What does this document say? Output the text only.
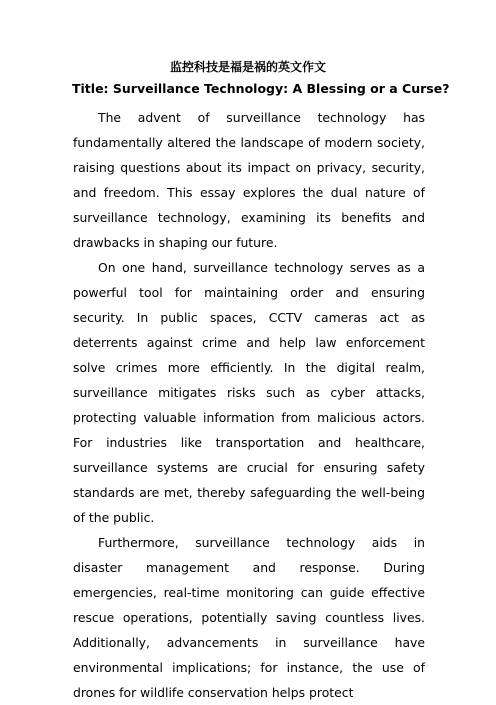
监控科技是福是祸的英文作文
Title: Surveillance Technology: A Blessing or a Curse?

The advent of surveillance technology has fundamentally altered the landscape of modern society, raising questions about its impact on privacy, security, and freedom. This essay explores the dual nature of surveillance technology, examining its benefits and drawbacks in shaping our future.

On one hand, surveillance technology serves as a powerful tool for maintaining order and ensuring security. In public spaces, CCTV cameras act as deterrents against crime and help law enforcement solve crimes more efficiently. In the digital realm, surveillance mitigates risks such as cyber attacks, protecting valuable information from malicious actors. For industries like transportation and healthcare, surveillance systems are crucial for ensuring safety standards are met, thereby safeguarding the well-being of the public.

Furthermore, surveillance technology aids in disaster management and response. During emergencies, real-time monitoring can guide effective rescue operations, potentially saving countless lives. Additionally, advancements in surveillance have environmental implications; for instance, the use of drones for wildlife conservation helps protect
